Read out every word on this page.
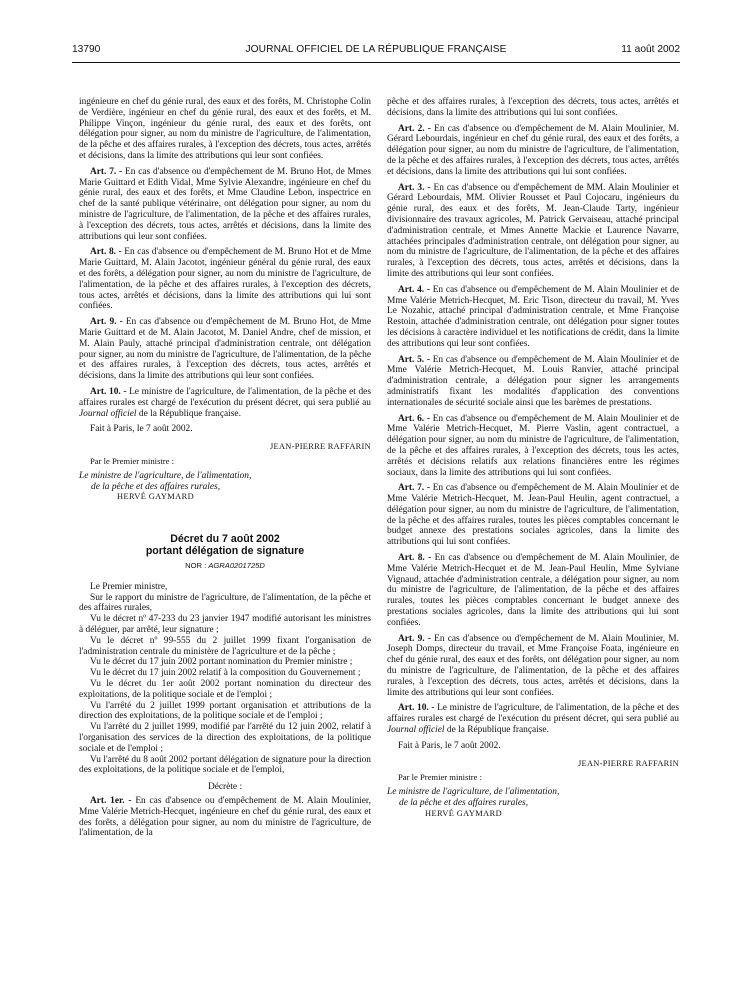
13790	JOURNAL OFFICIEL DE LA RÉPUBLIQUE FRANÇAISE	11 août 2002

ingénieure en chef du génie rural, des eaux et des forêts, M. Christophe Colin de Verdière, ingénieur en chef du génie rural, des eaux et des forêts, et M. Philippe Vinçon, ingénieur du génie rural, des eaux et des forêts, ont délégation pour signer, au nom du ministre de l'agriculture, de l'alimentation, de la pêche et des affaires rurales, à l'exception des décrets, tous actes, arrêtés et décisions, dans la limite des attributions qui leur sont confiées.

Art. 7. - En cas d'absence ou d'empêchement de M. Bruno Hot, de Mmes Marie Guittard et Edith Vidal, Mme Sylvie Alexandre, ingénieure en chef du génie rural, des eaux et des forêts, et Mme Claudine Lebon, inspectrice en chef de la santé publique vétérinaire, ont délégation pour signer, au nom du ministre de l'agriculture, de l'alimentation, de la pêche et des affaires rurales, à l'exception des décrets, tous actes, arrêtés et décisions, dans la limite des attributions qui leur sont confiées.

Art. 8. - En cas d'absence ou d'empêchement de M. Bruno Hot et de Mme Marie Guittard, M. Alain Jacotot, ingénieur général du génie rural, des eaux et des forêts, a délégation pour signer, au nom du ministre de l'agriculture, de l'alimentation, de la pêche et des affaires rurales, à l'exception des décrets, tous actes, arrêtés et décisions, dans la limite des attributions qui lui sont confiées.

Art. 9. - En cas d'absence ou d'empêchement de M. Bruno Hot, de Mme Marie Guittard et de M. Alain Jacotot, M. Daniel Andre, chef de mission, et M. Alain Pauly, attaché principal d'administration centrale, ont délégation pour signer, au nom du ministre de l'agriculture, de l'alimentation, de la pêche et des affaires rurales, à l'exception des décrets, tous actes, arrêtés et décisions, dans la limite des attributions qui leur sont confiées.

Art. 10. - Le ministre de l'agriculture, de l'alimentation, de la pêche et des affaires rurales est chargé de l'exécution du présent décret, qui sera publié au Journal officiel de la République française.

Fait à Paris, le 7 août 2002.

JEAN-PIERRE RAFFARIN

Par le Premier ministre :

Le ministre de l'agriculture, de l'alimentation,
de la pêche et des affaires rurales,
HERVÉ GAYMARD

Décret du 7 août 2002
portant délégation de signature
NOR : AGRA0201725D

Le Premier ministre,

Sur le rapport du ministre de l'agriculture, de l'alimentation, de la pêche et des affaires rurales,

Vu le décret nº 47-233 du 23 janvier 1947 modifié autorisant les ministres à déléguer, par arrêté, leur signature ;

Vu le décret nº 99-555 du 2 juillet 1999 fixant l'organisation de l'administration centrale du ministère de l'agriculture et de la pêche ;

Vu le décret du 17 juin 2002 portant nomination du Premier ministre ;

Vu le décret du 17 juin 2002 relatif à la composition du Gouvernement ;

Vu le décret du 1er août 2002 portant nomination du directeur des exploitations, de la politique sociale et de l'emploi ;

Vu l'arrêté du 2 juillet 1999 portant organisation et attributions de la direction des exploitations, de la politique sociale et de l'emploi ;

Vu l'arrêté du 2 juillet 1999, modifié par l'arrêté du 12 juin 2002, relatif à l'organisation des services de la direction des exploitations, de la politique sociale et de l'emploi ;

Vu l'arrêté du 8 août 2002 portant délégation de signature pour la direction des exploitations, de la politique sociale et de l'emploi,

Décrète :

Art. 1er. - En cas d'absence ou d'empêchement de M. Alain Moulinier, Mme Valérie Metrich-Hecquet, ingénieure en chef du génie rural, des eaux et des forêts, a délégation pour signer, au nom du ministre de l'agriculture, de l'alimentation, de la

pêche et des affaires rurales, à l'exception des décrets, tous actes, arrêtés et décisions, dans la limite des attributions qui lui sont confiées.

Art. 2. - En cas d'absence ou d'empêchement de M. Alain Moulinier, M. Gérard Lebourdais, ingénieur en chef du génie rural, des eaux et des forêts, a délégation pour signer, au nom du ministre de l'agriculture, de l'alimentation, de la pêche et des affaires rurales, à l'exception des décrets, tous actes, arrêtés et décisions, dans la limite des attributions qui lui sont confiées.

Art. 3. - En cas d'absence ou d'empêchement de MM. Alain Moulinier et Gérard Lebourdais, MM. Olivier Rousset et Paul Cojocaru, ingénieurs du génie rural, des eaux et des forêts, M. Jean-Claude Tarty, ingénieur divisionnaire des travaux agricoles, M. Patrick Gervaiseau, attaché principal d'administration centrale, et Mmes Annette Mackie et Laurence Navarre, attachées principales d'administration centrale, ont délégation pour signer, au nom du ministre de l'agriculture, de l'alimentation, de la pêche et des affaires rurales, à l'exception des décrets, tous actes, arrêtés et décisions, dans la limite des attributions qui leur sont confiées.

Art. 4. - En cas d'absence ou d'empêchement de M. Alain Moulinier et de Mme Valérie Metrich-Hecquet, M. Eric Tison, directeur du travail, M. Yves Le Nozahic, attaché principal d'administration centrale, et Mme Françoise Restoin, attachée d'administration centrale, ont délégation pour signer toutes les décisions à caractère individuel et les notifications de crédit, dans la limite des attributions qui leur sont confiées.

Art. 5. - En cas d'absence ou d'empêchement de M. Alain Moulinier et de Mme Valérie Metrich-Hecquet, M. Louis Ranvier, attaché principal d'administration centrale, a délégation pour signer les arrangements administratifs fixant les modalités d'application des conventions internationales de sécurité sociale ainsi que les barèmes de prestations.

Art. 6. - En cas d'absence ou d'empêchement de M. Alain Moulinier et de Mme Valérie Metrich-Hecquet, M. Pierre Vaslin, agent contractuel, a délégation pour signer, au nom du ministre de l'agriculture, de l'alimentation, de la pêche et des affaires rurales, à l'exception des décrets, tous les actes, arrêtés et décisions relatifs aux relations financières entre les régimes sociaux, dans la limite des attributions qui lui sont confiées.

Art. 7. - En cas d'absence ou d'empêchement de M. Alain Moulinier et de Mme Valérie Metrich-Hecquet, M. Jean-Paul Heulin, agent contractuel, a délégation pour signer, au nom du ministre de l'agriculture, de l'alimentation, de la pêche et des affaires rurales, toutes les pièces comptables concernant le budget annexe des prestations sociales agricoles, dans la limite des attributions qui lui sont confiées.

Art. 8. - En cas d'absence ou d'empêchement de M. Alain Moulinier, de Mme Valérie Metrich-Hecquet et de M. Jean-Paul Heulin, Mme Sylviane Vignaud, attachée d'administration centrale, a délégation pour signer, au nom du ministre de l'agriculture, de l'alimentation, de la pêche et des affaires rurales, toutes les pièces comptables concernant le budget annexe des prestations sociales agricoles, dans la limite des attributions qui lui sont confiées.

Art. 9. - En cas d'absence ou d'empêchement de M. Alain Moulinier, M. Joseph Domps, directeur du travail, et Mme Françoise Foata, ingénieure en chef du génie rural, des eaux et des forêts, ont délégation pour signer, au nom du ministre de l'agriculture, de l'alimentation, de la pêche et des affaires rurales, à l'exception des décrets, tous actes, arrêtés et décisions, dans la limite des attributions qui leur sont confiées.

Art. 10. - Le ministre de l'agriculture, de l'alimentation, de la pêche et des affaires rurales est chargé de l'exécution du présent décret, qui sera publié au Journal officiel de la République française.

Fait à Paris, le 7 août 2002.

JEAN-PIERRE RAFFARIN

Par le Premier ministre :

Le ministre de l'agriculture, de l'alimentation,
de la pêche et des affaires rurales,
HERVÉ GAYMARD
